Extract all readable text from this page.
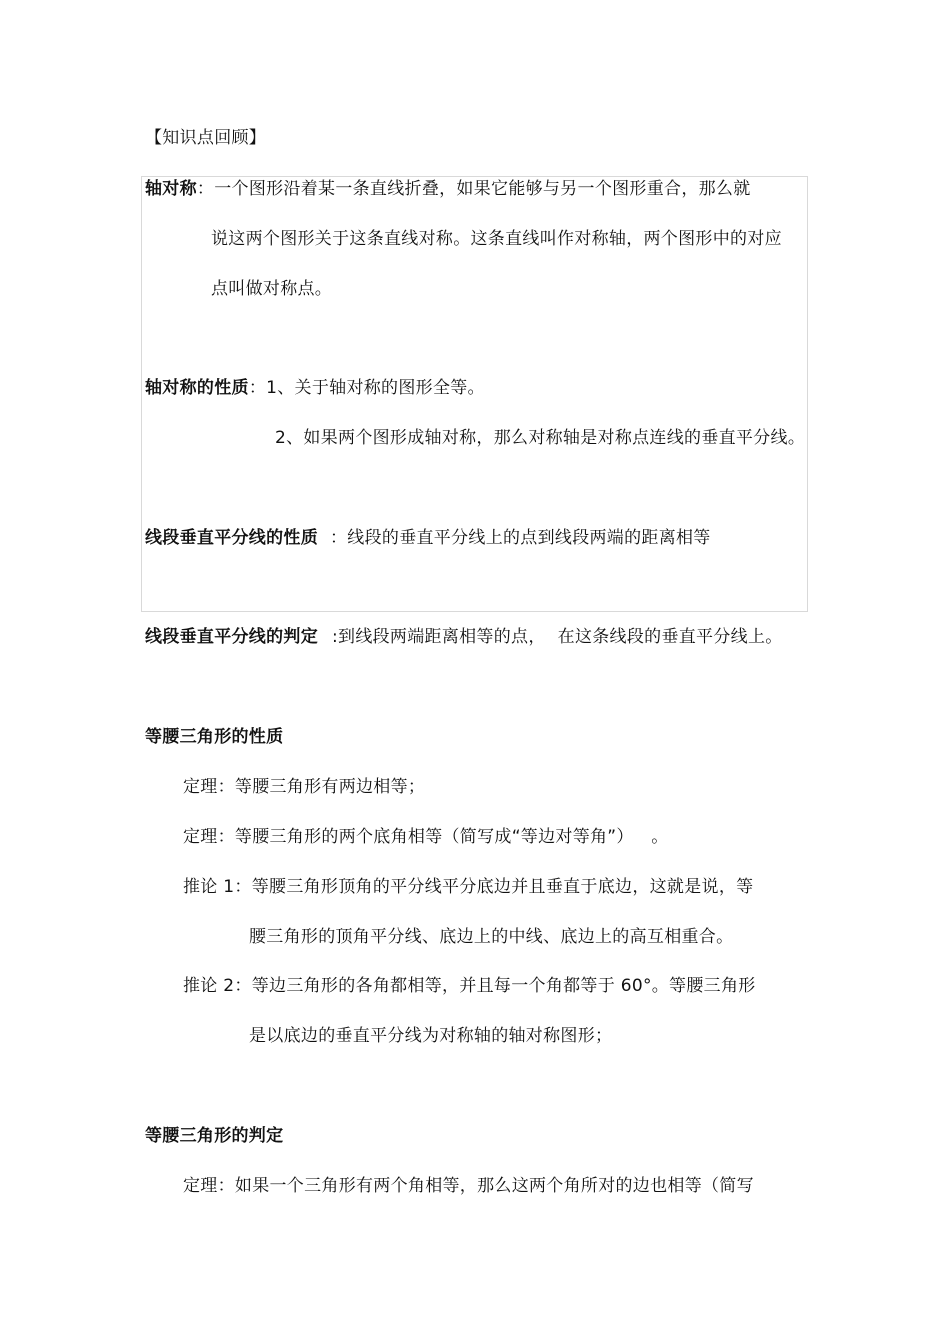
【知识点回顾】
轴对称：一个图形沿着某一条直线折叠，如果它能够与另一个图形重合，那么就
说这两个图形关于这条直线对称。这条直线叫作对称轴，两个图形中的对应
点叫做对称点。
轴对称的性质：1、关于轴对称的图形全等。
2、如果两个图形成轴对称，那么对称轴是对称点连线的垂直平分线。
线段垂直平分线的性质 ：线段的垂直平分线上的点到线段两端的距离相等
线段垂直平分线的判定 :到线段两端距离相等的点， 在这条线段的垂直平分线上。
等腰三角形的性质
定理：等腰三角形有两边相等；
定理：等腰三角形的两个底角相等（简写成“等边对等角”） 。
推论 1：等腰三角形顶角的平分线平分底边并且垂直于底边，这就是说，等
腰三角形的顶角平分线、底边上的中线、底边上的高互相重合。
推论 2：等边三角形的各角都相等，并且每一个角都等于 60°。等腰三角形
是以底边的垂直平分线为对称轴的轴对称图形；
等腰三角形的判定
定理：如果一个三角形有两个角相等，那么这两个角所对的边也相等（简写
